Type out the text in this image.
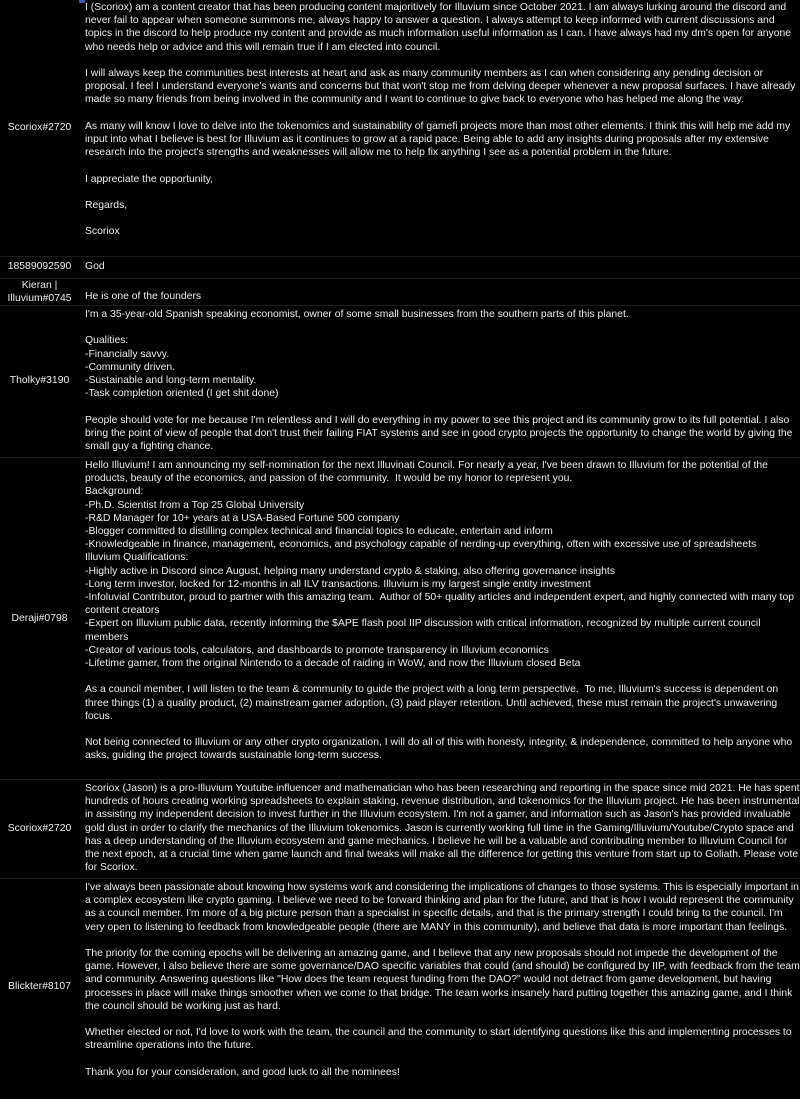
Scoriox#2720
I (Scoriox) am a content creator that has been producing content majoritively for Illuvium since October 2021. I am always lurking around the discord and never fail to appear when someone summons me, always happy to answer a question. I always attempt to keep informed with current discussions and topics in the discord to help produce my content and provide as much information useful information as I can. I have always had my dm's open for anyone who needs help or advice and this will remain true if I am elected into council.

I will always keep the communities best interests at heart and ask as many community members as I can when considering any pending decision or proposal. I feel I understand everyone's wants and concerns but that won't stop me from delving deeper whenever a new proposal surfaces. I have already made so many friends from being involved in the community and I want to continue to give back to everyone who has helped me along the way.

As many will know I love to delve into the tokenomics and sustainability of gamefi projects more than most other elements. I think this will help me add my input into what I believe is best for Illuvium as it continues to grow at a rapid pace. Being able to add any insights during proposals after my extensive research into the project's strengths and weaknesses will allow me to help fix anything I see as a potential problem in the future.

I appreciate the opportunity,

Regards,

Scoriox
18589092590	God
Kieran | Illuvium#0745	He is one of the founders
Tholky#3190
I'm a 35-year-old Spanish speaking economist, owner of some small businesses from the southern parts of this planet.

Qualities:
-Financially savvy.
-Community driven.
-Sustainable and long-term mentality.
-Task completion oriented (I get shit done)

People should vote for me because I'm relentless and I will do everything in my power to see this project and its community grow to its full potential. I also bring the point of view of people that don't trust their failing FIAT systems and see in good crypto projects the opportunity to change the world by giving the small guy a fighting chance.
Deraji#0798
Hello Illuvium! I am announcing my self-nomination for the next Illuvinati Council. For nearly a year, I've been drawn to Illuvium for the potential of the products, beauty of the economics, and passion of the community.  It would be my honor to represent you.
Background:
-Ph.D. Scientist from a Top 25 Global University
-R&D Manager for 10+ years at a USA-Based Fortune 500 company
-Blogger committed to distilling complex technical and financial topics to educate, entertain and inform
-Knowledgeable in finance, management, economics, and psychology capable of nerding-up everything, often with excessive use of spreadsheets
Illuvium Qualifications:
-Highly active in Discord since August, helping many understand crypto & staking, also offering governance insights
-Long term investor, locked for 12-months in all ILV transactions. Illuvium is my largest single entity investment
-Infoluvial Contributor, proud to partner with this amazing team.  Author of 50+ quality articles and independent expert, and highly connected with many top content creators
-Expert on Illuvium public data, recently informing the $APE flash pool IIP discussion with critical information, recognized by multiple current council members
-Creator of various tools, calculators, and dashboards to promote transparency in Illuvium economics
-Lifetime gamer, from the original Nintendo to a decade of raiding in WoW, and now the Illuvium closed Beta

As a council member, I will listen to the team & community to guide the project with a long term perspective.  To me, Illuvium's success is dependent on three things (1) a quality product, (2) mainstream gamer adoption, (3) paid player retention. Until achieved, these must remain the project's unwavering focus.

Not being connected to Illuvium or any other crypto organization, I will do all of this with honesty, integrity, & independence, committed to help anyone who asks, guiding the project towards sustainable long-term success.
Scoriox#2720
Scoriox (Jason) is a pro-Illuvium Youtube influencer and mathematician who has been researching and reporting in the space since mid 2021. He has spent hundreds of hours creating working spreadsheets to explain staking, revenue distribution, and tokenomics for the Illuvium project. He has been instrumental in assisting my independent decision to invest further in the Illuvium ecosystem. I'm not a gamer, and information such as Jason's has provided invaluable gold dust in order to clarify the mechanics of the Illuvium tokenomics. Jason is currently working full time in the Gaming/Illuvium/Youtube/Crypto space and has a deep understanding of the Illuvium ecosystem and game mechanics. I believe he will be a valuable and contributing member to Illuvium Council for the next epoch, at a crucial time when game launch and final tweaks will make all the difference for getting this venture from start up to Goliath. Please vote for Scoriox.
Blickter#8107
I've always been passionate about knowing how systems work and considering the implications of changes to those systems. This is especially important in a complex ecosystem like crypto gaming. I believe we need to be forward thinking and plan for the future, and that is how I would represent the community as a council member. I'm more of a big picture person than a specialist in specific details, and that is the primary strength I could bring to the council. I'm very open to listening to feedback from knowledgeable people (there are MANY in this community), and believe that data is more important than feelings.

The priority for the coming epochs will be delivering an amazing game, and I believe that any new proposals should not impede the development of the game. However, I also believe there are some governance/DAO specific variables that could (and should) be configured by IIP, with feedback from the team and community. Answering questions like "How does the team request funding from the DAO?" would not detract from game development, but having processes in place will make things smoother when we come to that bridge. The team works insanely hard putting together this amazing game, and I think the council should be working just as hard.

Whether elected or not, I'd love to work with the team, the council and the community to start identifying questions like this and implementing processes to streamline operations into the future.

Thank you for your consideration, and good luck to all the nominees!
